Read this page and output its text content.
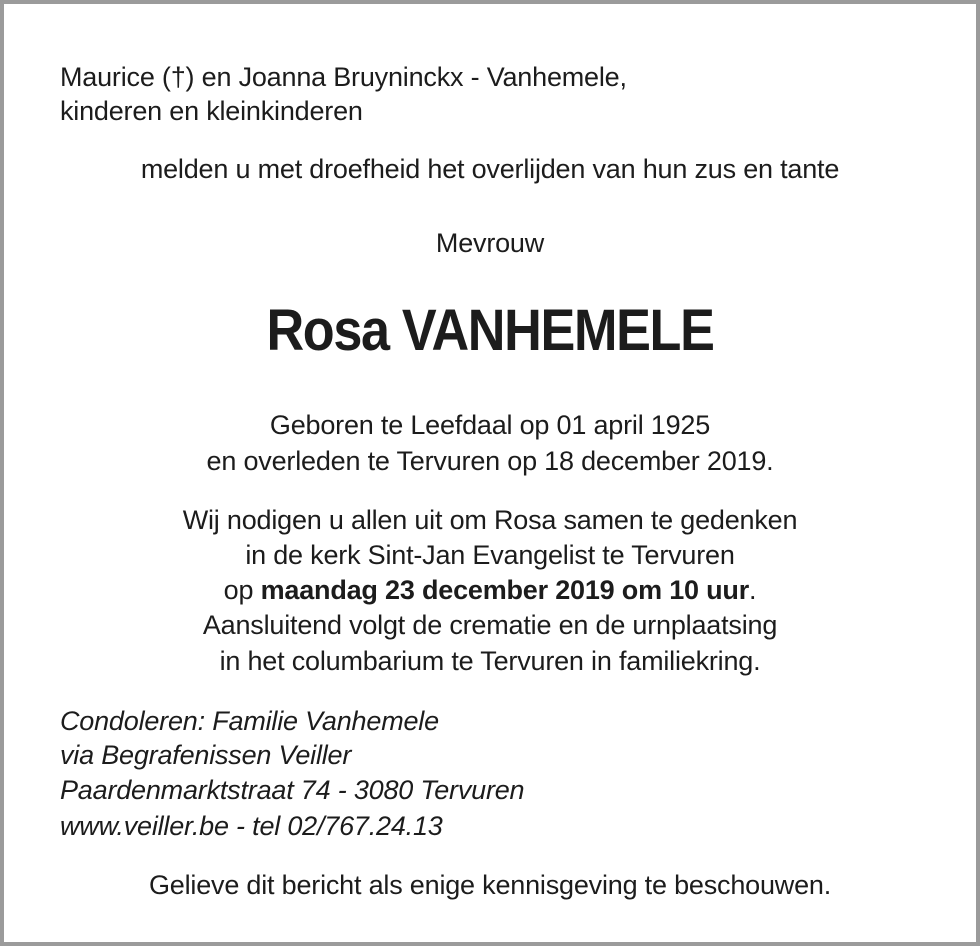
Maurice (†) en Joanna Bruyninckx - Vanhemele,

kinderen en kleinkinderen

melden u met droefheid het overlijden van hun zus en tante

Mevrouw

Rosa VANHEMELE

Geboren te Leefdaal op 01 april 1925

en overleden te Tervuren op 18 december 2019.

Wij nodigen u allen uit om Rosa samen te gedenken

in de kerk Sint-Jan Evangelist te Tervuren

op maandag 23 december 2019 om 10 uur.

Aansluitend volgt de crematie en de urnplaatsing

in het columbarium te Tervuren in familiekring.

Condoleren: Familie Vanhemele

via Begrafenissen Veiller

Paardenmarktstraat 74 - 3080 Tervuren

www.veiller.be - tel 02/767.24.13

Gelieve dit bericht als enige kennisgeving te beschouwen.
